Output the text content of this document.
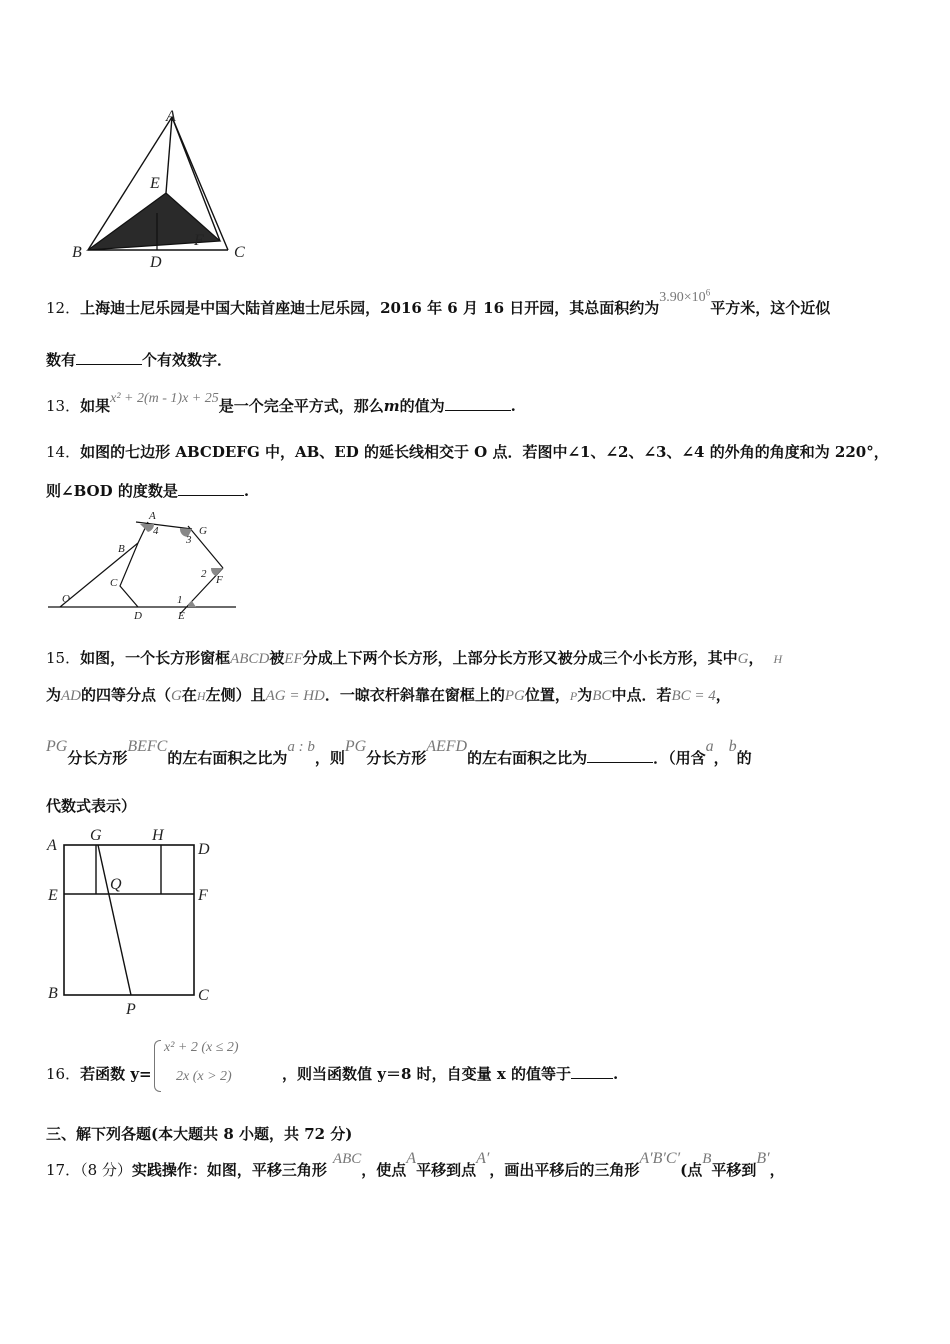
A
E
B
F
D
C
12．上海迪士尼乐园是中国大陆首座迪士尼乐园，2016 年 6 月 16 日开园，其总面积约为$3.90\times 10^6$平方米，这个近似
数有	个有效数字．
13．如果x² + 2(m - 1)x + 25是一个完全平方式，那么m的值为	.
14．如图的七边形 ABCDEFG 中，AB、ED 的延长线相交于 O 点．若图中∠1、∠2、∠3、∠4 的外角的角度和为 220°，
则∠BOD 的度数是	.
A
4
3
G
B
C
2 F
O
D
1
E
15．如图，一个长方形窗框ABCD被EF分成上下两个长方形，上部分长方形又被分成三个小长方形，其中G， H
为AD的四等分点（G在H左侧）且AG = HD．一晾衣杆斜靠在窗框上的PG位置，P为BC中点．若BC = 4，
PG分长方形BEFC的左右面积之比为a : b，则PG分长方形AEFD的左右面积之比为	．（用含a，b的
代数式表示）
A
G	H
D
E
Q
F
B
P
C
16．若函数 y=
x² + 2 (x ≤ 2)
2x (x > 2)	，则当函数值 y＝8 时，自变量 x 的值等于	.
三、解下列各题(本大题共 8 小题，共 72 分)
17．（8 分）实践操作：如图，平移三角形ABC，使点A平移到点A′，画出平移后的三角形A′B′C′(点B平移到B′，
